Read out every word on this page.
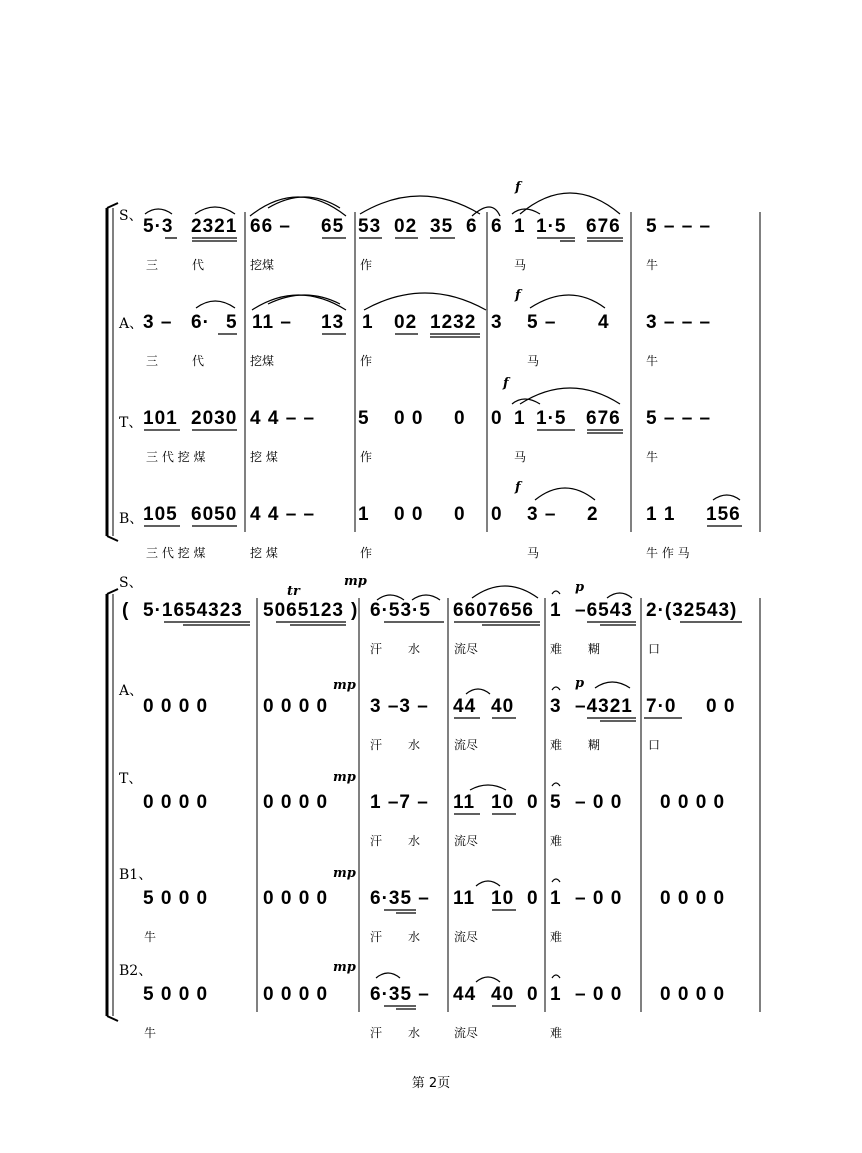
S、 5·3 2321 66 – 65 53 02 35 6 6 1 1·5 676 5 – – –
f
三	代	挖煤	作	马	牛
A、 3 – 6· 5 11 – 13 1 02 1232 3 5 – 4 3 – – –
f
三	代	挖煤	作	马	牛
T、 101 2030 4 4 – – 5 0 0 0 0 1 1·5 676 5 – – –
f
三 代 挖 煤	挖 煤	作	马	牛
B、 105 6050 4 4 – – 1 0 0 0 0 3 – 2 1 1 156
f
三 代 挖 煤	挖 煤	作	马	牛 作 马
S、
( 5·1654323 5065123 ) 6·53·5 6607656 1 –6543 2·(32543)
tr
mp	p
汗 水	流尽	难 糊	口
A、
0 0 0 0	0 0 0 0 3 –3 – 44 40 3 –4321 7·0 0 0
mp	p
汗 水	流尽	难 糊	口
T、
0 0 0 0	0 0 0 0 1 –7 – 11 10 0 5 – 0 0 0 0 0 0
mp
汗 水	流尽	难
B1、
5 0 0 0	0 0 0 0 6·35 – 11 10 0 1 – 0 0 0 0 0 0
mp
牛	汗 水	流尽	难
B2、
5 0 0 0	0 0 0 0 6·35 – 44 40 0 1 – 0 0 0 0 0 0
mp
牛	汗 水	流尽	难
第 2页
